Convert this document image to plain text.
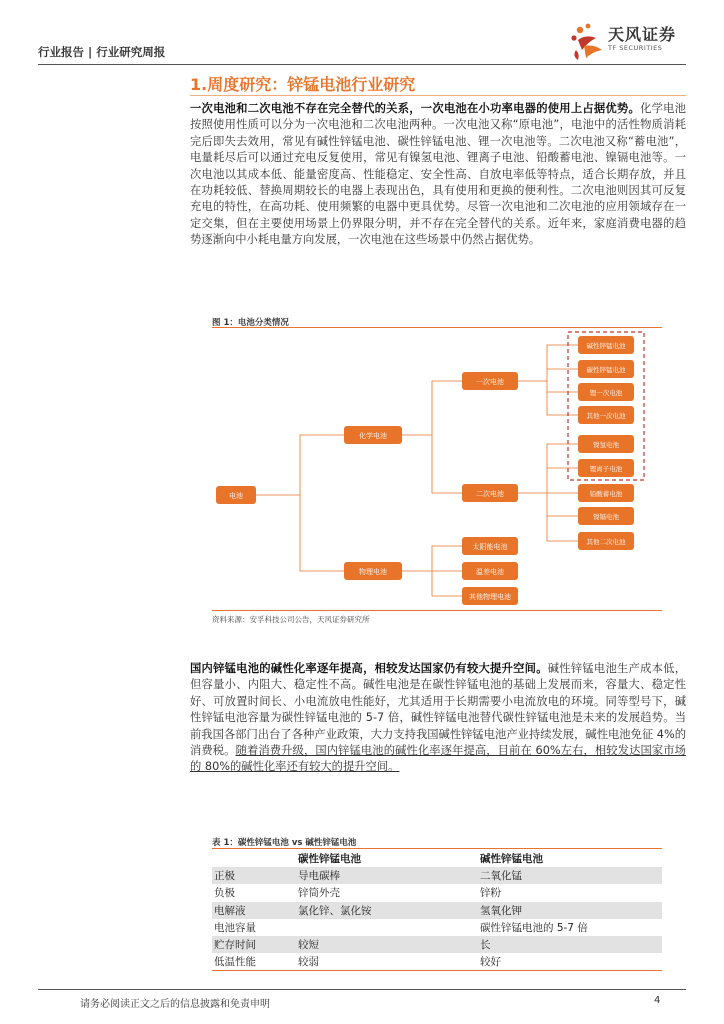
行业报告 | 行业研究周报
天风证券
TF SECURITIES
1.周度研究：锌锰电池行业研究
一次电池和二次电池不存在完全替代的关系，一次电池在小功率电器的使用上占据优势。化学电池按照使用性质可以分为一次电池和二次电池两种。一次电池又称“原电池”，电池中的活性物质消耗完后即失去效用，常见有碱性锌锰电池、碳性锌锰电池、锂一次电池等。二次电池又称“蓄电池”，电量耗尽后可以通过充电反复使用，常见有镍氢电池、锂离子电池、铅酸蓄电池、镍镉电池等。一次电池以其成本低、能量密度高、性能稳定、安全性高、自放电率低等特点，适合长期存放，并且在功耗较低、替换周期较长的电器上表现出色，具有使用和更换的便利性。二次电池则因其可反复充电的特性，在高功耗、使用频繁的电器中更具优势。尽管一次电池和二次电池的应用领域存在一定交集，但在主要使用场景上仍界限分明，并不存在完全替代的关系。近年来，家庭消费电器的趋势逐渐向中小耗电量方向发展，一次电池在这些场景中仍然占据优势。
图 1：电池分类情况
电池
化学电池
物理电池
一次电池
二次电池
太阳能电池
温差电池
其他物理电池
碱性锌锰电池
碳性锌锰电池
锂一次电池
其他一次电池
镍氢电池
锂离子电池
铅酸蓄电池
镍镉电池
其他二次电池
资料来源：安孚科技公司公告，天风证券研究所
国内锌锰电池的碱性化率逐年提高，相较发达国家仍有较大提升空间。碱性锌锰电池生产成本低，但容量小、内阻大、稳定性不高。碱性电池是在碳性锌锰电池的基础上发展而来，容量大、稳定性好、可放置时间长、小电流放电性能好，尤其适用于长期需要小电流放电的环境。同等型号下，碱性锌锰电池容量为碳性锌锰电池的 5-7 倍，碱性锌锰电池替代碳性锌锰电池是未来的发展趋势。当前我国各部门出台了各种产业政策，大力支持我国碱性锌锰电池产业持续发展，碱性电池免征 4%的消费税。随着消费升级，国内锌锰电池的碱性化率逐年提高，目前在 60%左右，相较发达国家市场的 80%的碱性化率还有较大的提升空间。
表 1：碳性锌锰电池 vs 碱性锌锰电池
	碳性锌锰电池	碱性锌锰电池
正极	导电碳棒	二氧化锰
负极	锌筒外壳	锌粉
电解液	氯化锌、氯化铵	氢氧化钾
电池容量		碳性锌锰电池的 5-7 倍
贮存时间	较短	长
低温性能	较弱	较好
请务必阅读正文之后的信息披露和免责申明	4
